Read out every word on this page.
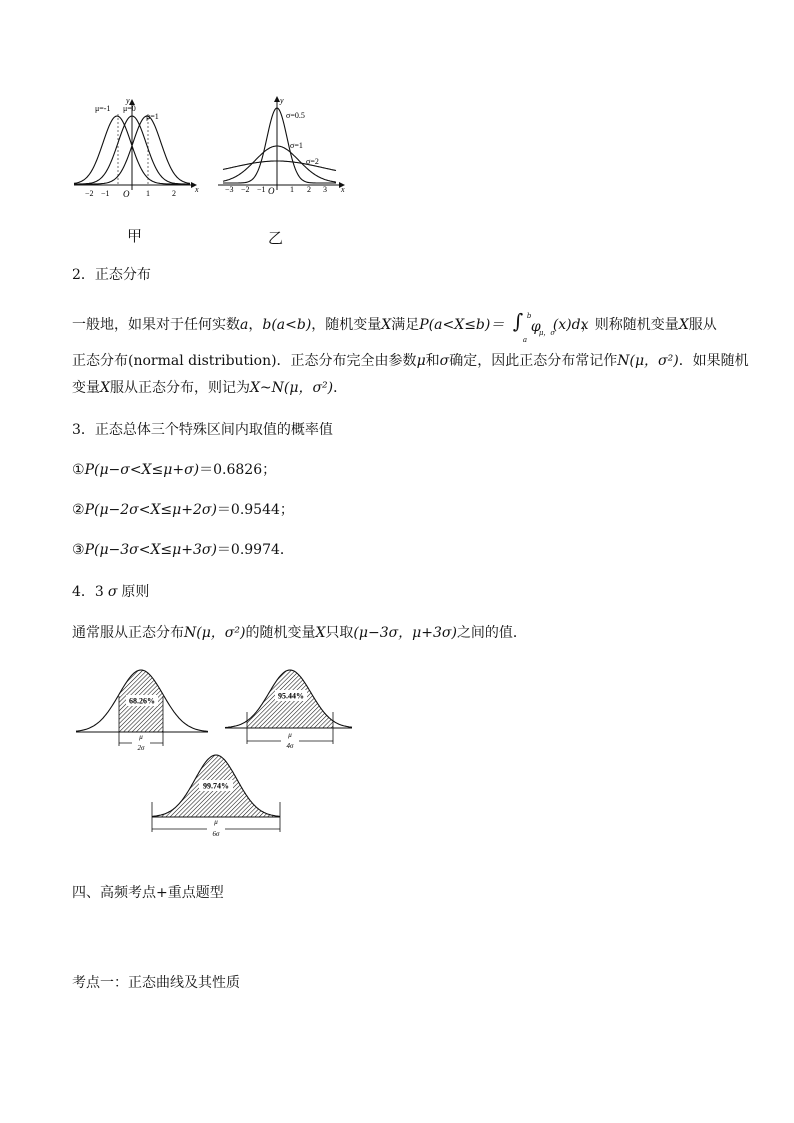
y
x
O
μ=-1 μ=0
μ=1
−2 −1	1	2
y
x
O
σ=0.5
σ=1
σ=2
−3 −2 −1	1 2 3
甲	乙
2．正态分布
一般地，如果对于任何实数a，b(a<b)，随机变量X满足P(a<X≤b)＝ ∫ b
a
φ
μ，σ
(x)dx
，则称随机变量X服从
正态分布(normal distribution)．正态分布完全由参数μ和σ确定，因此正态分布常记作N(μ，σ²)．如果随机
变量X服从正态分布，则记为X~N(μ，σ²)．
3．正态总体三个特殊区间内取值的概率值
①P(μ−σ<X≤μ+σ)＝0.6826；
②P(μ−2σ<X≤μ+2σ)＝0.9544；
③P(μ−3σ<X≤μ+3σ)＝0.9974．
4．3 σ 原则
通常服从正态分布N(μ，σ²)的随机变量X只取(μ−3σ，μ+3σ)之间的值．
68.26%
μ
2σ
95.44%
μ
4σ
99.74%
μ
6σ
四、高频考点+重点题型
考点一：正态曲线及其性质
